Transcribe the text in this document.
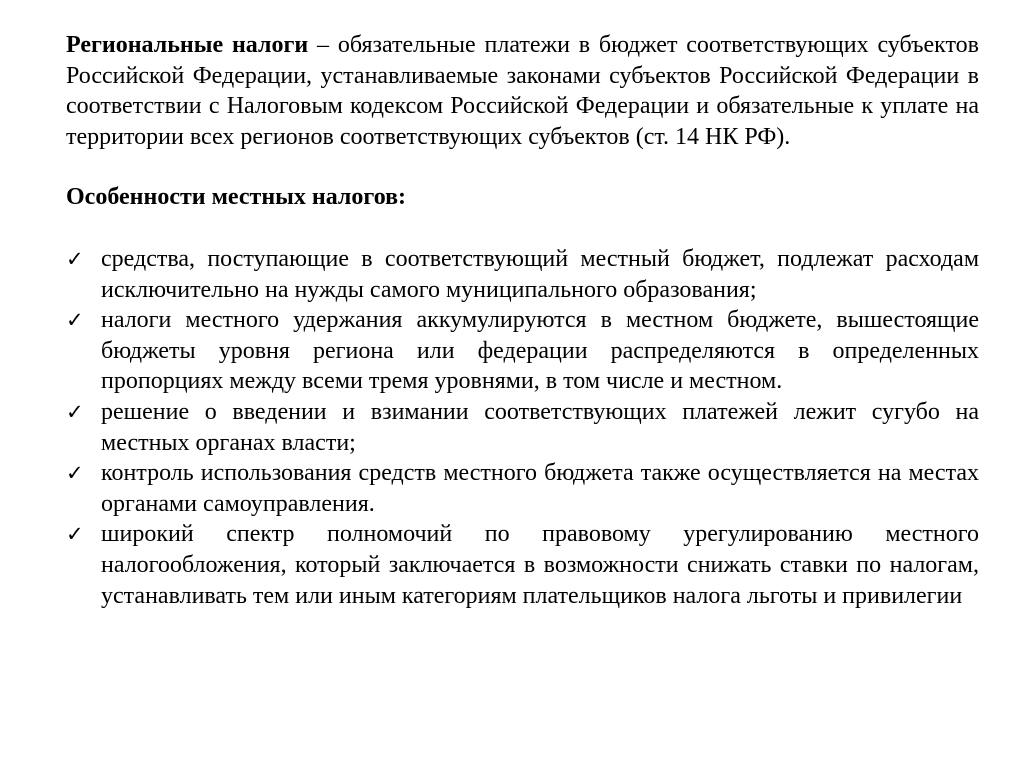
Региональные налоги – обязательные платежи в бюджет соответствующих субъектов Российской Федерации, устанавливаемые законами субъектов Российской Федерации в соответствии с Налоговым кодексом Российской Федерации и обязательные к уплате на территории всех регионов соответствующих субъектов (ст. 14 НК РФ).

Особенности местных налогов:

✓ средства, поступающие в соответствующий местный бюджет, подлежат расходам исключительно на нужды самого муниципального образования;
✓ налоги местного удержания аккумулируются в местном бюджете, вышестоящие бюджеты уровня региона или федерации распределяются в определенных пропорциях между всеми тремя уровнями, в том числе и местном.
✓ решение о введении и взимании соответствующих платежей лежит сугубо на местных органах власти;
✓ контроль использования средств местного бюджета также осуществляется на местах органами самоуправления.
✓ широкий спектр полномочий по правовому урегулированию местного налогообложения, который заключается в возможности снижать ставки по налогам, устанавливать тем или иным категориям плательщиков налога льготы и привилегии
